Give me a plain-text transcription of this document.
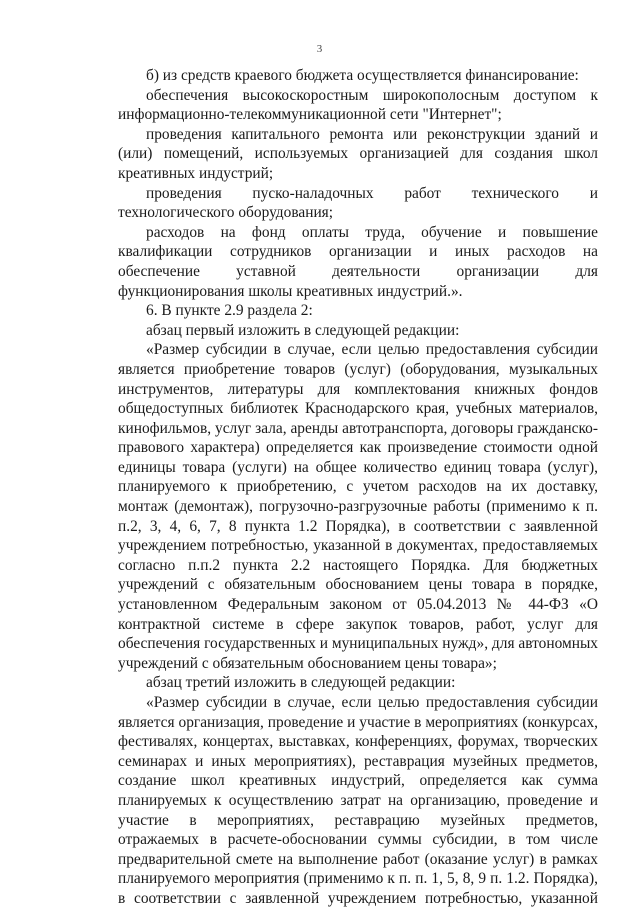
3

б) из средств краевого бюджета осуществляется финансирование:

обеспечения высокоскоростным широкополосным доступом к информационно-телекоммуникационной сети "Интернет";

проведения капитального ремонта или реконструкции зданий и (или) помещений, используемых организацией для создания школ креативных индустрий;

проведения пуско-наладочных работ технического и технологического оборудования;

расходов на фонд оплаты труда, обучение и повышение квалификации сотрудников организации и иных расходов на обеспечение уставной деятельности организации для функционирования школы креативных индустрий.».

6. В пункте 2.9 раздела 2:

абзац первый изложить в следующей редакции:

«Размер субсидии в случае, если целью предоставления субсидии является приобретение товаров (услуг) (оборудования, музыкальных инструментов, литературы для комплектования книжных фондов общедоступных библиотек Краснодарского края, учебных материалов, кинофильмов, услуг зала, аренды автотранспорта, договоры гражданско-правового характера) определяется как произведение стоимости одной единицы товара (услуги) на общее количество единиц товара (услуг), планируемого к приобретению, с учетом расходов на их доставку, монтаж (демонтаж), погрузочно-разгрузочные работы (применимо к п. п.2, 3, 4, 6, 7, 8 пункта 1.2 Порядка), в соответствии с заявленной учреждением потребностью, указанной в документах, предоставляемых согласно п.п.2 пункта 2.2 настоящего Порядка. Для бюджетных учреждений с обязательным обоснованием цены товара в порядке, установленном Федеральным законом от 05.04.2013 № 44-ФЗ «О контрактной системе в сфере закупок товаров, работ, услуг для обеспечения государственных и муниципальных нужд», для автономных учреждений с обязательным обоснованием цены товара»;

абзац третий изложить в следующей редакции:

«Размер субсидии в случае, если целью предоставления субсидии является организация, проведение и участие в мероприятиях (конкурсах, фестивалях, концертах, выставках, конференциях, форумах, творческих семинарах и иных мероприятиях), реставрация музейных предметов, создание школ креативных индустрий, определяется как сумма планируемых к осуществлению затрат на организацию, проведение и участие в мероприятиях, реставрацию музейных предметов, отражаемых в расчете-обосновании суммы субсидии, в том числе предварительной смете на выполнение работ (оказание услуг) в рамках планируемого мероприятия (применимо к п. п. 1, 5, 8, 9 п. 1.2. Порядка), в соответствии с заявленной учреждением потребностью, указанной
